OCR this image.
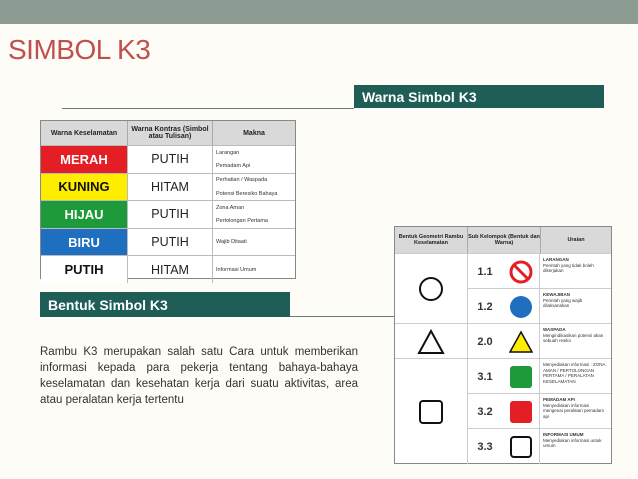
SIMBOL K3
Warna Simbol K3
Warna Keselamatan	Warna Kontras (Simbol atau Tulisan)	Makna
MERAH	PUTIH	Larangan
Pemadam Api
KUNING	HITAM	Perhatian / Waspada
Potensi Beresiko Bahaya
HIJAU	PUTIH	Zona Aman
Pertolongan Pertama
BIRU	PUTIH	Wajib Ditaati
PUTIH	HITAM	Informasi Umum
Bentuk Simbol K3
Rambu K3 merupakan salah satu Cara untuk memberikan informasi kepada para pekerja tentang bahaya-bahaya keselamatan dan kesehatan kerja dari suatu aktivitas, area atau peralatan kerja tertentu
Bentuk Geometri Rambu Keselamatan
Sub Kelompok (Bentuk dan Warna)	Uraian
1.1
LARANGAN
Perintah yang tidak boleh dikerjakan
1.2
KEWAJIBAN
Perintah yang wajib dilaksanakan
2.0
WASPADA
Mengindikasikan potensi akan sebuah resiko
3.1
Menyediakan informasi : ZONA AMAN / PERTOLONGAN PERTAMA / PERALATAN KESELAMATAN
3.2
PEMADAM API
Menyediakan informasi mengenai peralatan pemadam api
3.3
INFORMASI UMUM
Menyediakan informasi untuk umum
